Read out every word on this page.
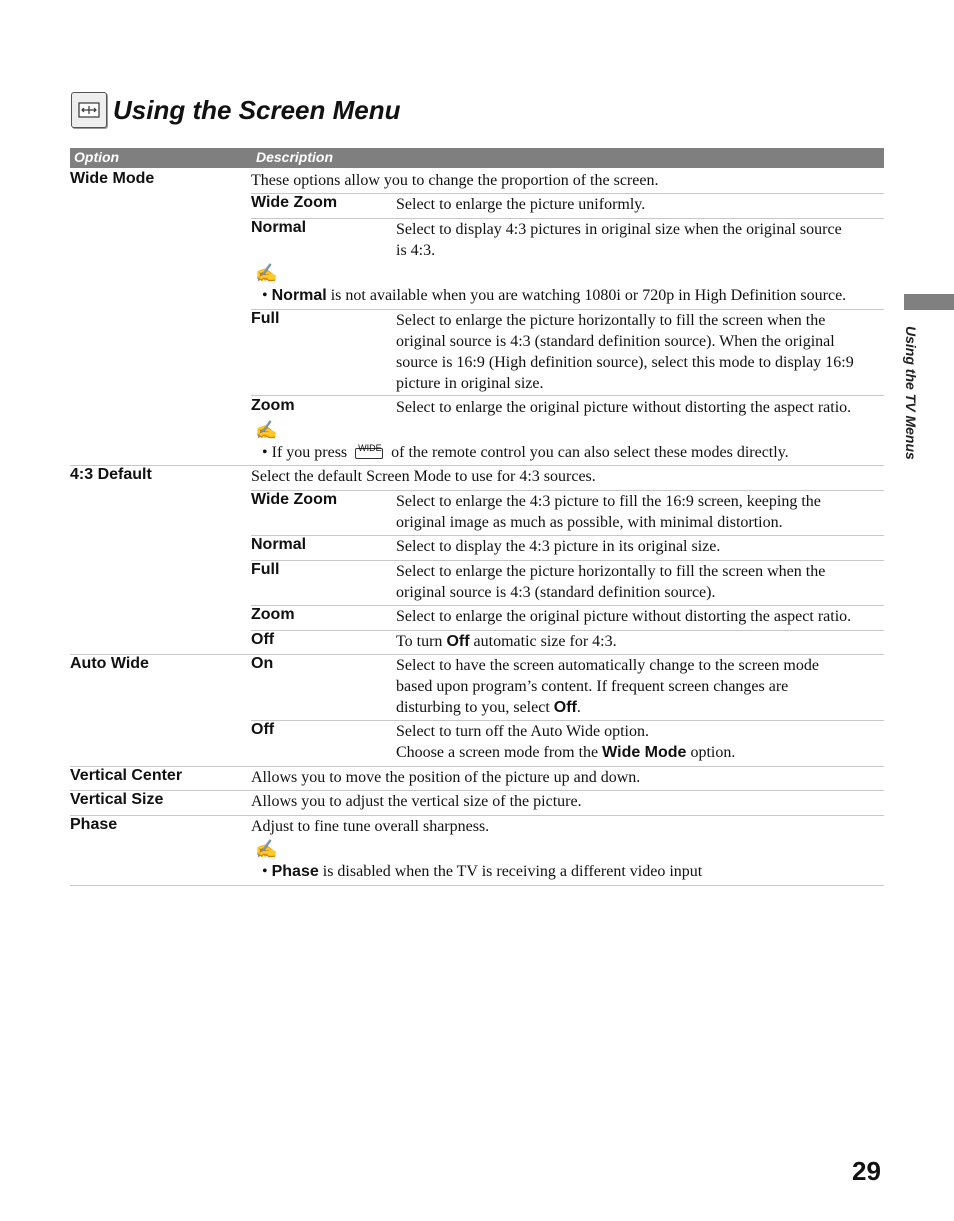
Using the Screen Menu
Option	Description
Wide Mode	These options allow you to change the proportion of the screen.
Wide Zoom	Select to enlarge the picture uniformly.
Normal	Select to display 4:3 pictures in original size when the original source
is 4:3.
✍
• Normal is not available when you are watching 1080i or 720p in High Definition source.
Full	Select to enlarge the picture horizontally to fill the screen when the
original source is 4:3 (standard definition source). When the original
source is 16:9 (High definition source), select this mode to display 16:9
picture in original size.
Zoom	Select to enlarge the original picture without distorting the aspect ratio.
✍
• If you press WIDE of the remote control you can also select these modes directly.
4:3 Default	Select the default Screen Mode to use for 4:3 sources.
Wide Zoom	Select to enlarge the 4:3 picture to fill the 16:9 screen, keeping the
original image as much as possible, with minimal distortion.
Normal	Select to display the 4:3 picture in its original size.
Full	Select to enlarge the picture horizontally to fill the screen when the
original source is 4:3 (standard definition source).
Zoom	Select to enlarge the original picture without distorting the aspect ratio.
Off	To turn Off automatic size for 4:3.
Auto Wide	On	Select to have the screen automatically change to the screen mode
based upon program’s content. If frequent screen changes are
disturbing to you, select Off.
Off	Select to turn off the Auto Wide option.
Choose a screen mode from the Wide Mode option.
Vertical Center	Allows you to move the position of the picture up and down.
Vertical Size	Allows you to adjust the vertical size of the picture.
Phase	Adjust to fine tune overall sharpness.
✍
• Phase is disabled when the TV is receiving a different video input
Using the TV Menus
29
